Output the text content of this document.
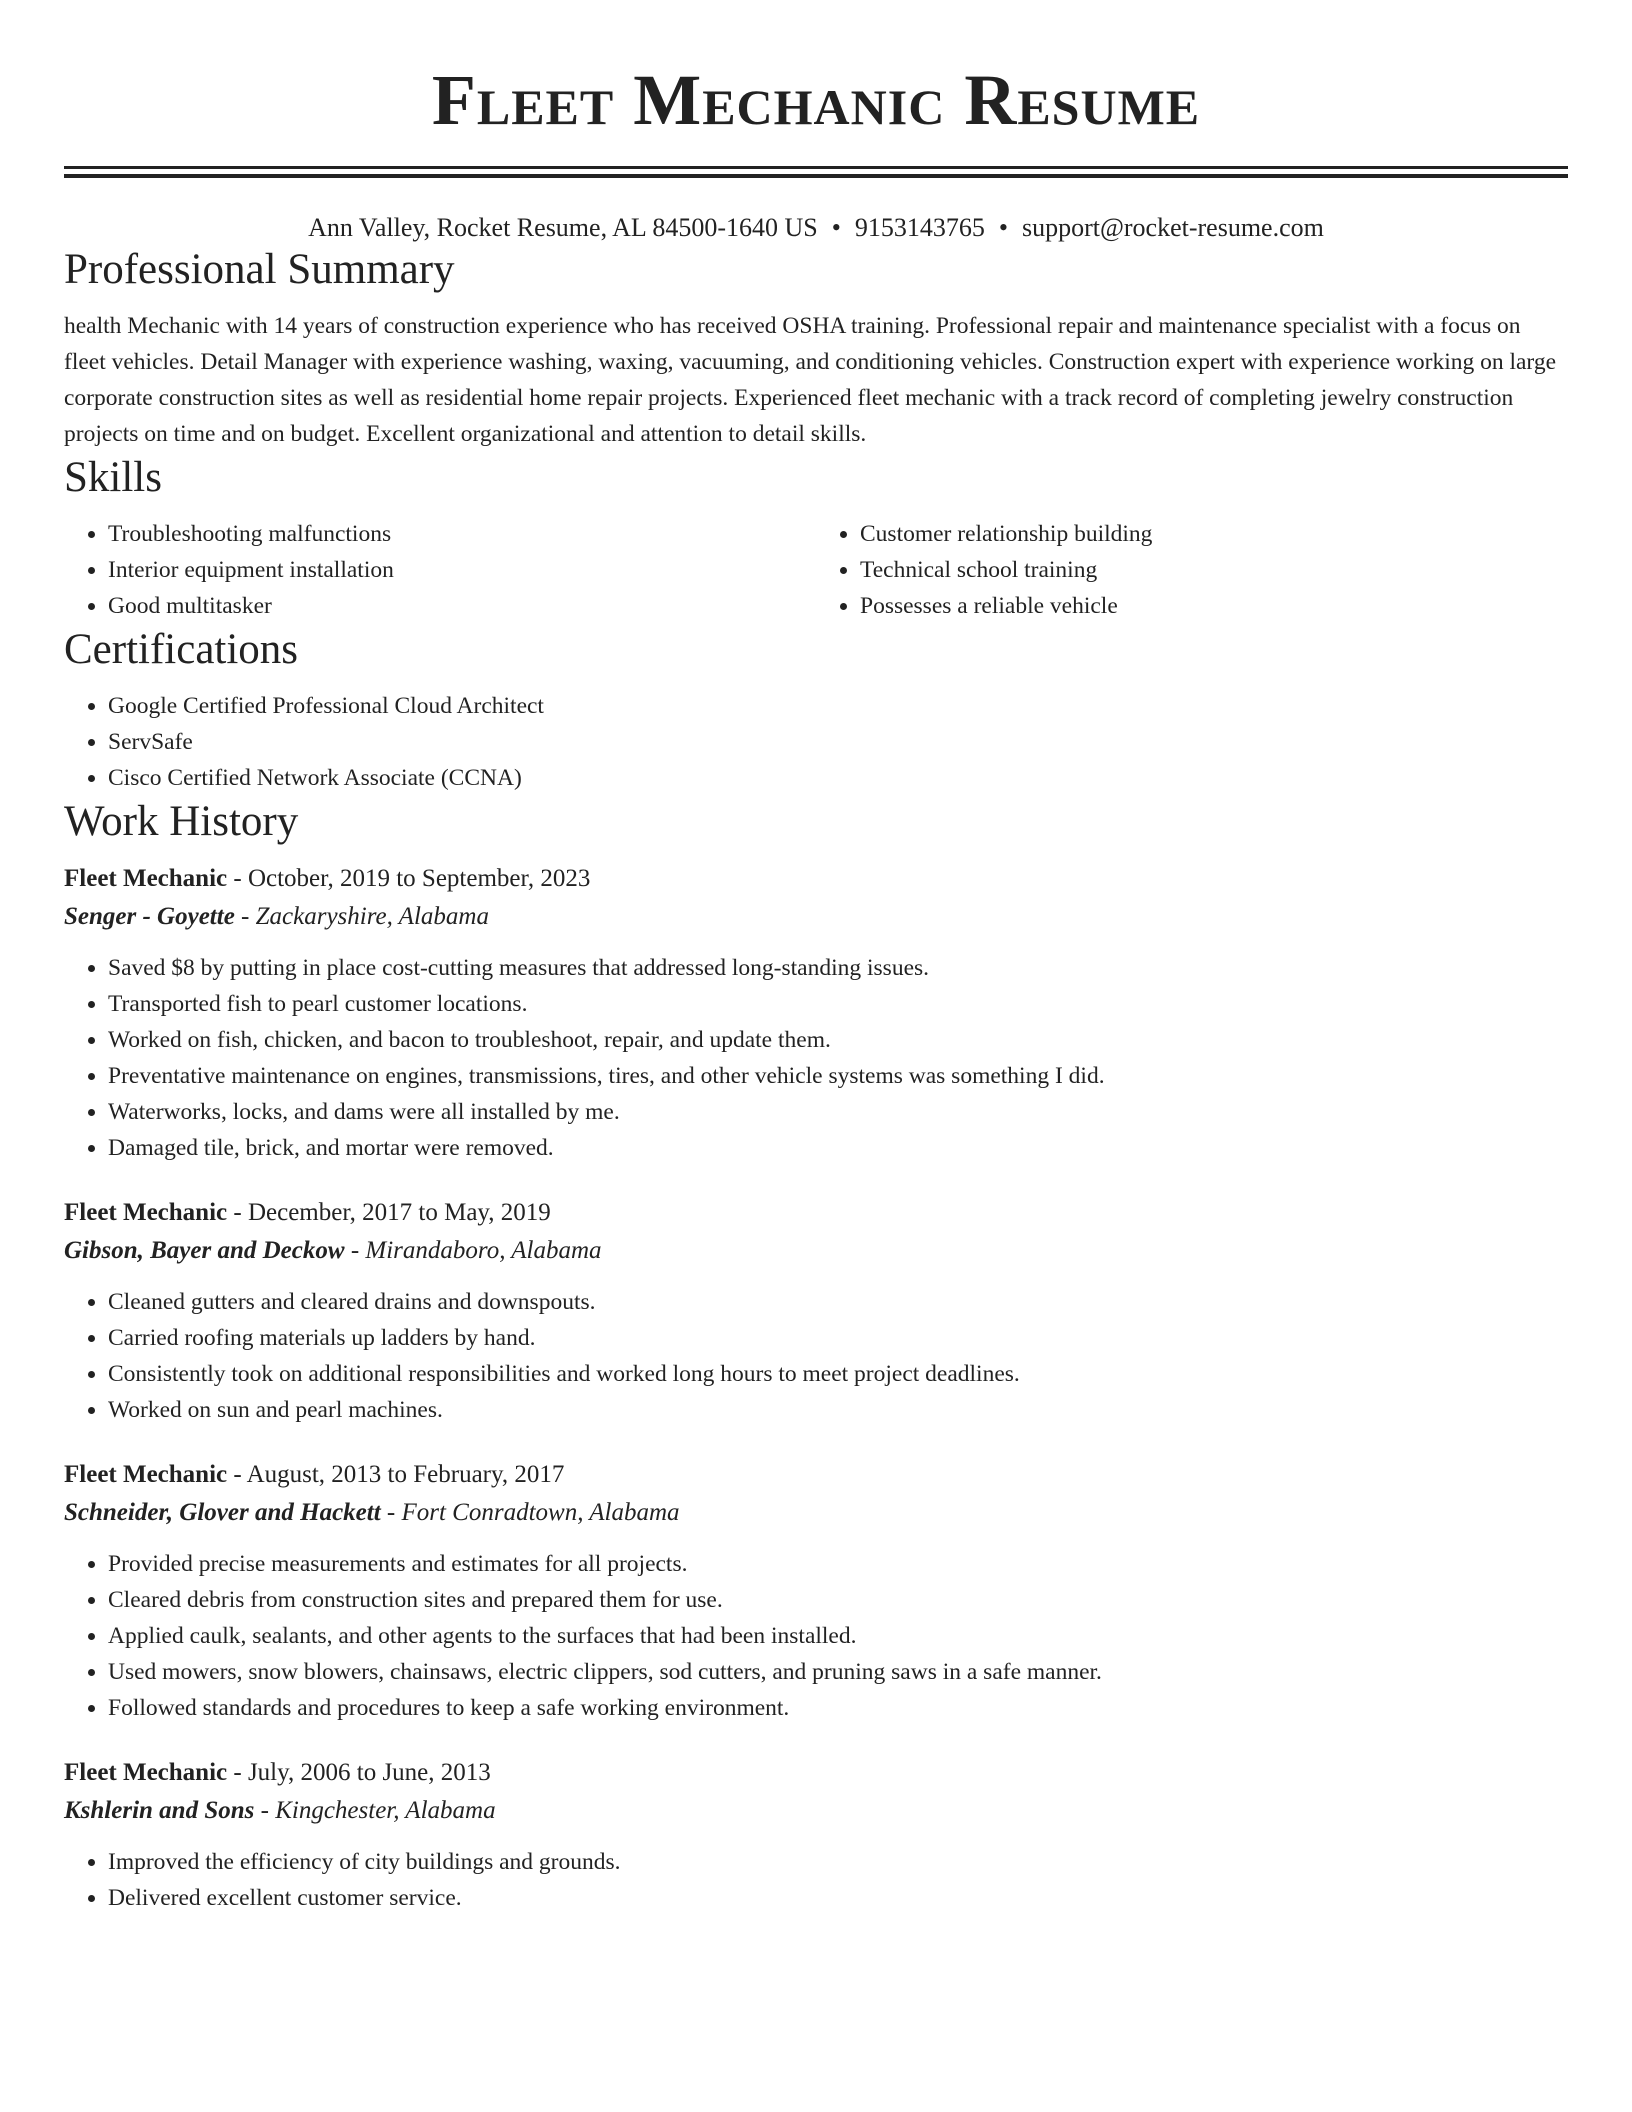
Fleet Mechanic Resume
Ann Valley, Rocket Resume, AL 84500-1640 US • 9153143765 • support@rocket-resume.com
Professional Summary

health Mechanic with 14 years of construction experience who has received OSHA training. Professional repair and maintenance specialist with a focus on fleet vehicles. Detail Manager with experience washing, waxing, vacuuming, and conditioning vehicles. Construction expert with experience working on large corporate construction sites as well as residential home repair projects. Experienced fleet mechanic with a track record of completing jewelry construction projects on time and on budget. Excellent organizational and attention to detail skills.

Skills
• Troubleshooting malfunctions
• Interior equipment installation
• Good multitasker
• Customer relationship building
• Technical school training
• Possesses a reliable vehicle
Certifications
• Google Certified Professional Cloud Architect
• ServSafe
• Cisco Certified Network Associate (CCNA)
Work History
Fleet Mechanic - October, 2019 to September, 2023
Senger - Goyette - Zackaryshire, Alabama
• Saved $8 by putting in place cost-cutting measures that addressed long-standing issues.
• Transported fish to pearl customer locations.
• Worked on fish, chicken, and bacon to troubleshoot, repair, and update them.
• Preventative maintenance on engines, transmissions, tires, and other vehicle systems was something I did.
• Waterworks, locks, and dams were all installed by me.
• Damaged tile, brick, and mortar were removed.
Fleet Mechanic - December, 2017 to May, 2019
Gibson, Bayer and Deckow - Mirandaboro, Alabama
• Cleaned gutters and cleared drains and downspouts.
• Carried roofing materials up ladders by hand.
• Consistently took on additional responsibilities and worked long hours to meet project deadlines.
• Worked on sun and pearl machines.
Fleet Mechanic - August, 2013 to February, 2017
Schneider, Glover and Hackett - Fort Conradtown, Alabama
• Provided precise measurements and estimates for all projects.
• Cleared debris from construction sites and prepared them for use.
• Applied caulk, sealants, and other agents to the surfaces that had been installed.
• Used mowers, snow blowers, chainsaws, electric clippers, sod cutters, and pruning saws in a safe manner.
• Followed standards and procedures to keep a safe working environment.
Fleet Mechanic - July, 2006 to June, 2013
Kshlerin and Sons - Kingchester, Alabama
• Improved the efficiency of city buildings and grounds.
• Delivered excellent customer service.
